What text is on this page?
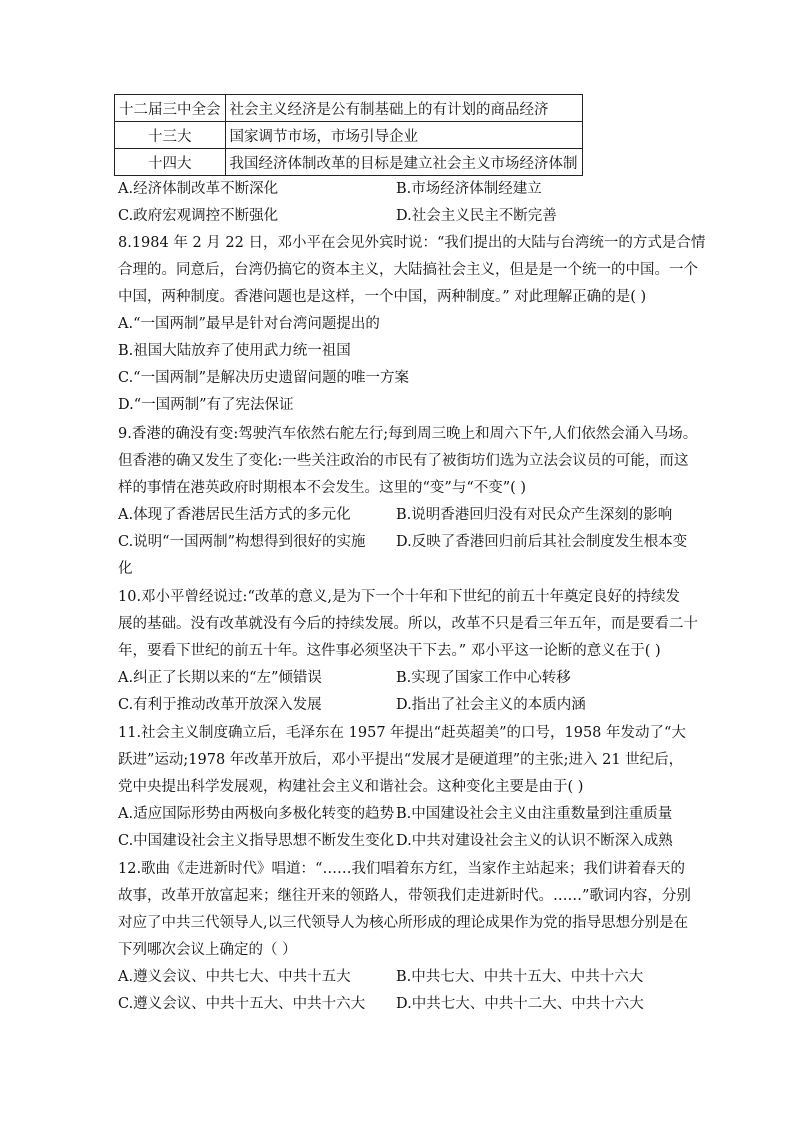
十二届三中全会	社会主义经济是公有制基础上的有计划的商品经济
十三大	国家调节市场，市场引导企业
十四大	我国经济体制改革的目标是建立社会主义市场经济体制
A.经济体制改革不断深化	B.市场经济体制经建立
C.政府宏观调控不断强化	D.社会主义民主不断完善
8.1984 年 2 月 22 日，邓小平在会见外宾时说：“我们提出的大陆与台湾统一的方式是合情
合理的。同意后，台湾仍搞它的资本主义，大陆搞社会主义，但是是一个统一的中国。一个
中国，两种制度。香港问题也是这样，一个中国，两种制度。” 对此理解正确的是( )
A.“一国两制”最早是针对台湾问题提出的
B.祖国大陆放弃了使用武力统一祖国
C.“一国两制”是解决历史遗留问题的唯一方案
D.“一国两制”有了宪法保证
9.香港的确没有变:驾驶汽车依然右舵左行;每到周三晚上和周六下午,人们依然会涌入马场。
但香港的确又发生了变化:一些关注政治的市民有了被街坊们选为立法会议员的可能，而这
样的事情在港英政府时期根本不会发生。这里的“变”与“不变”( )
A.体现了香港居民生活方式的多元化	B.说明香港回归没有对民众产生深刻的影响
C.说明“一国两制”构想得到很好的实施 D.反映了香港回归前后其社会制度发生根本变
化
10.邓小平曾经说过:“改革的意义,是为下一个十年和下世纪的前五十年奠定良好的持续发
展的基础。没有改革就没有今后的持续发展。所以，改革不只是看三年五年，而是要看二十
年，要看下世纪的前五十年。这件事必须坚决干下去。” 邓小平这一论断的意义在于( )
A.纠正了长期以来的“左”倾错误	B.实现了国家工作中心转移
C.有利于推动改革开放深入发展	D.指出了社会主义的本质内涵
11.社会主义制度确立后，毛泽东在 1957 年提出“赶英超美”的口号，1958 年发动了“大
跃进”运动;1978 年改革开放后，邓小平提出“发展才是硬道理”的主张;进入 21 世纪后，
党中央提出科学发展观，构建社会主义和谐社会。这种变化主要是由于( )
A.适应国际形势由两极向多极化转变的趋势 B.中国建设社会主义由注重数量到注重质量
C.中国建设社会主义指导思想不断发生变化 D.中共对建设社会主义的认识不断深入成熟
12.歌曲《走进新时代》唱道：“……我们唱着东方红，当家作主站起来；我们讲着春天的
故事，改革开放富起来；继往开来的领路人，带领我们走进新时代。……”歌词内容，分别
对应了中共三代领导人,以三代领导人为核心所形成的理论成果作为党的指导思想分别是在
下列哪次会议上确定的（ ）
A.遵义会议、中共七大、中共十五大	B.中共七大、中共十五大、中共十六大
C.遵义会议、中共十五大、中共十六大 D.中共七大、中共十二大、中共十六大
